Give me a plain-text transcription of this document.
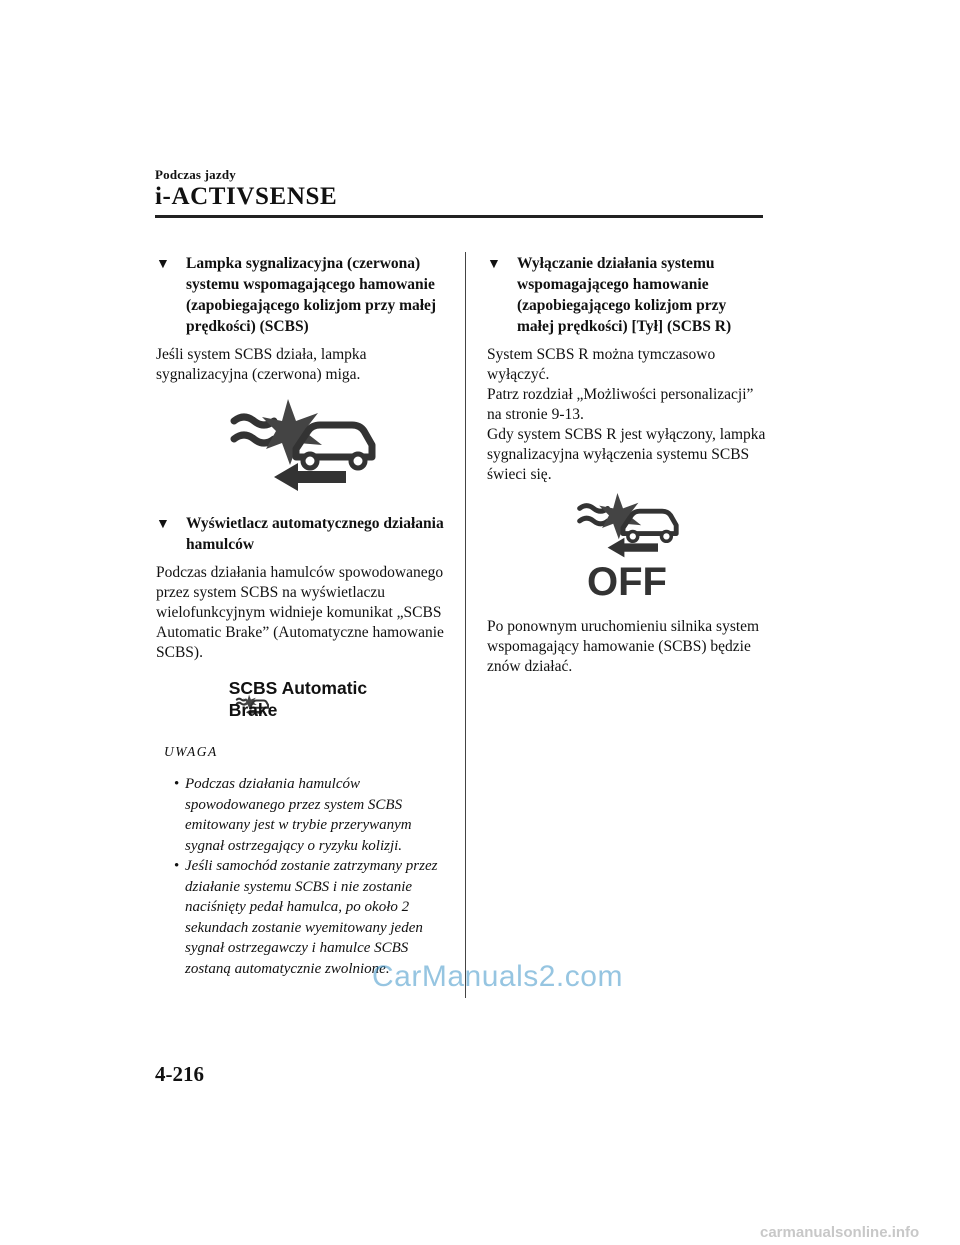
Podczas jazdy
i-ACTIVSENSE
▼ Lampka sygnalizacyjna (czerwona) systemu wspomagającego hamowanie (zapobiegającego kolizjom przy małej prędkości) (SCBS)

Jeśli system SCBS działa, lampka sygnalizacyjna (czerwona) miga.

▼ Wyświetlacz automatycznego działania hamulców

Podczas działania hamulców spowodowanego przez system SCBS na wyświetlaczu wielofunkcyjnym widnieje komunikat „SCBS Automatic Brake” (Automatyczne hamowanie SCBS).

SCBS Automatic
Brake
UWAGA
• Podczas działania hamulców spowodowanego przez system SCBS emitowany jest w trybie przerywanym sygnał ostrzegający o ryzyku kolizji.
• Jeśli samochód zostanie zatrzymany przez działanie systemu SCBS i nie zostanie naciśnięty pedał hamulca, po około 2 sekundach zostanie wyemitowany jeden sygnał ostrzegawczy i hamulce SCBS zostaną automatycznie zwolnione.
▼ Wyłączanie działania systemu wspomagającego hamowanie (zapobiegającego kolizjom przy małej prędkości) [Tył] (SCBS R)

System SCBS R można tymczasowo wyłączyć.
Patrz rozdział „Możliwości personalizacji” na stronie 9-13.
Gdy system SCBS R jest wyłączony, lampka sygnalizacyjna wyłączenia systemu SCBS świeci się.

OFF

Po ponownym uruchomieniu silnika system wspomagający hamowanie (SCBS) będzie znów działać.

4-216
CarManuals2.com
carmanualsonline.info
